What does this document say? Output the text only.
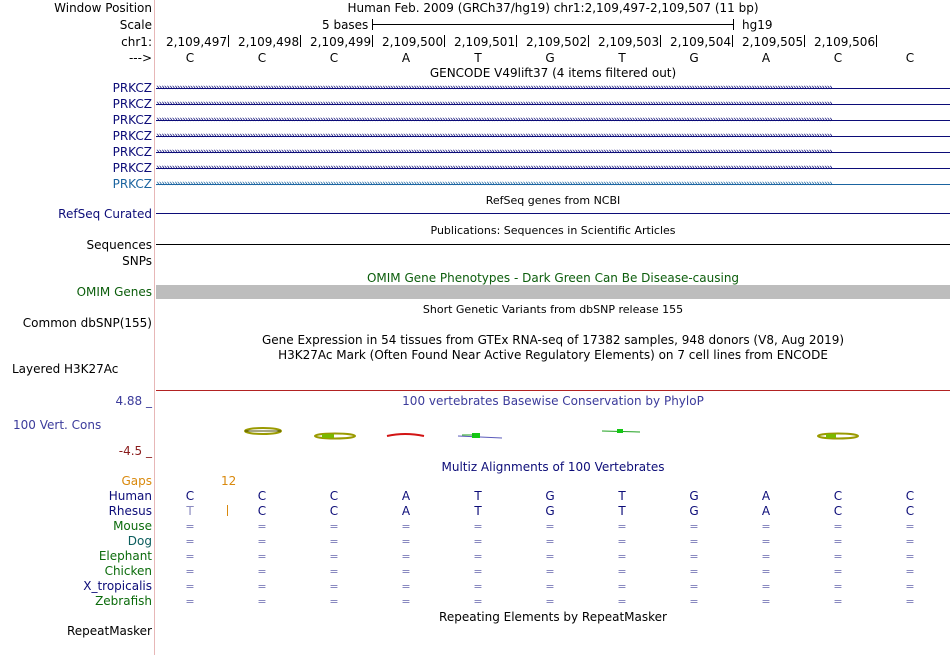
Window Position	Human Feb. 2009 (GRCh37/hg19) chr1:2,109,497-2,109,507 (11 bp)
Scale	5 bases	hg19
chr1: 2,109,497 2,109,498 2,109,499 2,109,500 2,109,501 2,109,502 2,109,503 2,109,504 2,109,505 2,109,506
--->	C	C	C	A	T	G	T	G	A	C	C
GENCODE V49lift37 (4 items filtered out)
PRKCZ ››››››››››››››››››››››››››››››››››››››››››››››››››››››››››››››››››››››››››››››››››››››››››››››››››››››››››››››››››››››››››››››››››››››››››››››››››››››››››››››››››››››››››››››››››››››››››››››››››››››››››››››››››››››››››››››››››››››››››››››››››››››››››››››››››››
PRKCZ ››››››››››››››››››››››››››››››››››››››››››››››››››››››››››››››››››››››››››››››››››››››››››››››››››››››››››››››››››››››››››››››››››››››››››››››››››››››››››››››››››››››››››››››››››››››››››››››››››››››››››››››››››››››››››››››››››››››››››››››››››››››››››››››››››››
PRKCZ ››››››››››››››››››››››››››››››››››››››››››››››››››››››››››››››››››››››››››››››››››››››››››››››››››››››››››››››››››››››››››››››››››››››››››››››››››››››››››››››››››››››››››››››››››››››››››››››››››››››››››››››››››››››››››››››››››››››››››››››››››››››››››››››››››››
PRKCZ ››››››››››››››››››››››››››››››››››››››››››››››››››››››››››››››››››››››››››››››››››››››››››››››››››››››››››››››››››››››››››››››››››››››››››››››››››››››››››››››››››››››››››››››››››››››››››››››››››››››››››››››››››››››››››››››››››››››››››››››››››››››››››››››››››››
PRKCZ ››››››››››››››››››››››››››››››››››››››››››››››››››››››››››››››››››››››››››››››››››››››››››››››››››››››››››››››››››››››››››››››››››››››››››››››››››››››››››››››››››››››››››››››››››››››››››››››››››››››››››››››››››››››››››››››››››››››››››››››››››››››››››››››››››››
PRKCZ ››››››››››››››››››››››››››››››››››››››››››››››››››››››››››››››››››››››››››››››››››››››››››››››››››››››››››››››››››››››››››››››››››››››››››››››››››››››››››››››››››››››››››››››››››››››››››››››››››››››››››››››››››››››››››››››››››››››››››››››››››››››››››››››››››››
PRKCZ ››››››››››››››››››››››››››››››››››››››››››››››››››››››››››››››››››››››››››››››››››››››››››››››››››››››››››››››››››››››››››››››››››››››››››››››››››››››››››››››››››››››››››››››››››››››››››››››››››››››››››››››››››››››››››››››››››››››››››››››››››››››››››››››››››››
RefSeq genes from NCBI
RefSeq Curated
Publications: Sequences in Scientific Articles
Sequences
SNPs
OMIM Gene Phenotypes - Dark Green Can Be Disease-causing
OMIM Genes
Short Genetic Variants from dbSNP release 155
Common dbSNP(155)
Gene Expression in 54 tissues from GTEx RNA-seq of 17382 samples, 948 donors (V8, Aug 2019)
H3K27Ac Mark (Often Found Near Active Regulatory Elements) on 7 cell lines from ENCODE
Layered H3K27Ac
100 vertebrates Basewise Conservation by PhyloP
4.88 _
100 Vert. Cons
-4.5 _
Multiz Alignments of 100 Vertebrates
Gaps	12
Human	C	C	C	A	T	G	T	G	A	C	C
Rhesus	T	C	C	A	T	G	T	G	A	C	C
Mouse	=	=	=	=	=	=	=	=	=	=	=
Dog	=	=	=	=	=	=	=	=	=	=	=
Elephant	=	=	=	=	=	=	=	=	=	=	=
Chicken	=	=	=	=	=	=	=	=	=	=	=
X_tropicalis	=	=	=	=	=	=	=	=	=	=	=
Zebrafish	=	=	=	=	=	=	=	=	=	=	=
Repeating Elements by RepeatMasker
RepeatMasker
